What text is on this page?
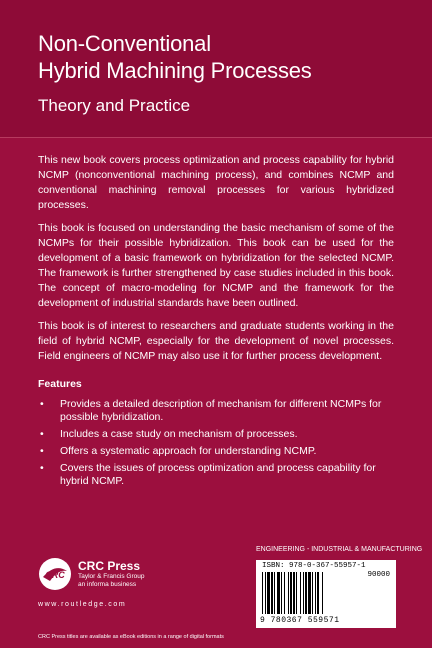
Non-Conventional
Hybrid Machining Processes
Theory and Practice

This new book covers process optimization and process capability for hybrid NCMP (nonconventional machining process), and combines NCMP and conventional machining removal processes for various hybridized processes.

This book is focused on understanding the basic mechanism of some of the NCMPs for their possible hybridization. This book can be used for the development of a basic framework on hybridization for the selected NCMP. The framework is further strengthened by case studies included in this book. The concept of macro-modeling for NCMP and the framework for the development of industrial standards have been outlined.

This book is of interest to researchers and graduate students working in the field of hybrid NCMP, especially for the development of novel processes. Field engineers of NCMP may also use it for further process development.

Features
• Provides a detailed description of mechanism for different NCMPs for possible hybridization.
• Includes a case study on mechanism of processes.
• Offers a systematic approach for understanding NCMP.
• Covers the issues of process optimization and process capability for hybrid NCMP.
CRC
CRC Press
Taylor & Francis Group
an informa business
www.routledge.com
CRC Press titles are available as eBook editions in a range of digital formats
ENGINEERING - INDUSTRIAL & MANUFACTURING
ISBN: 978-0-367-55957-1
90000
9 780367 559571
